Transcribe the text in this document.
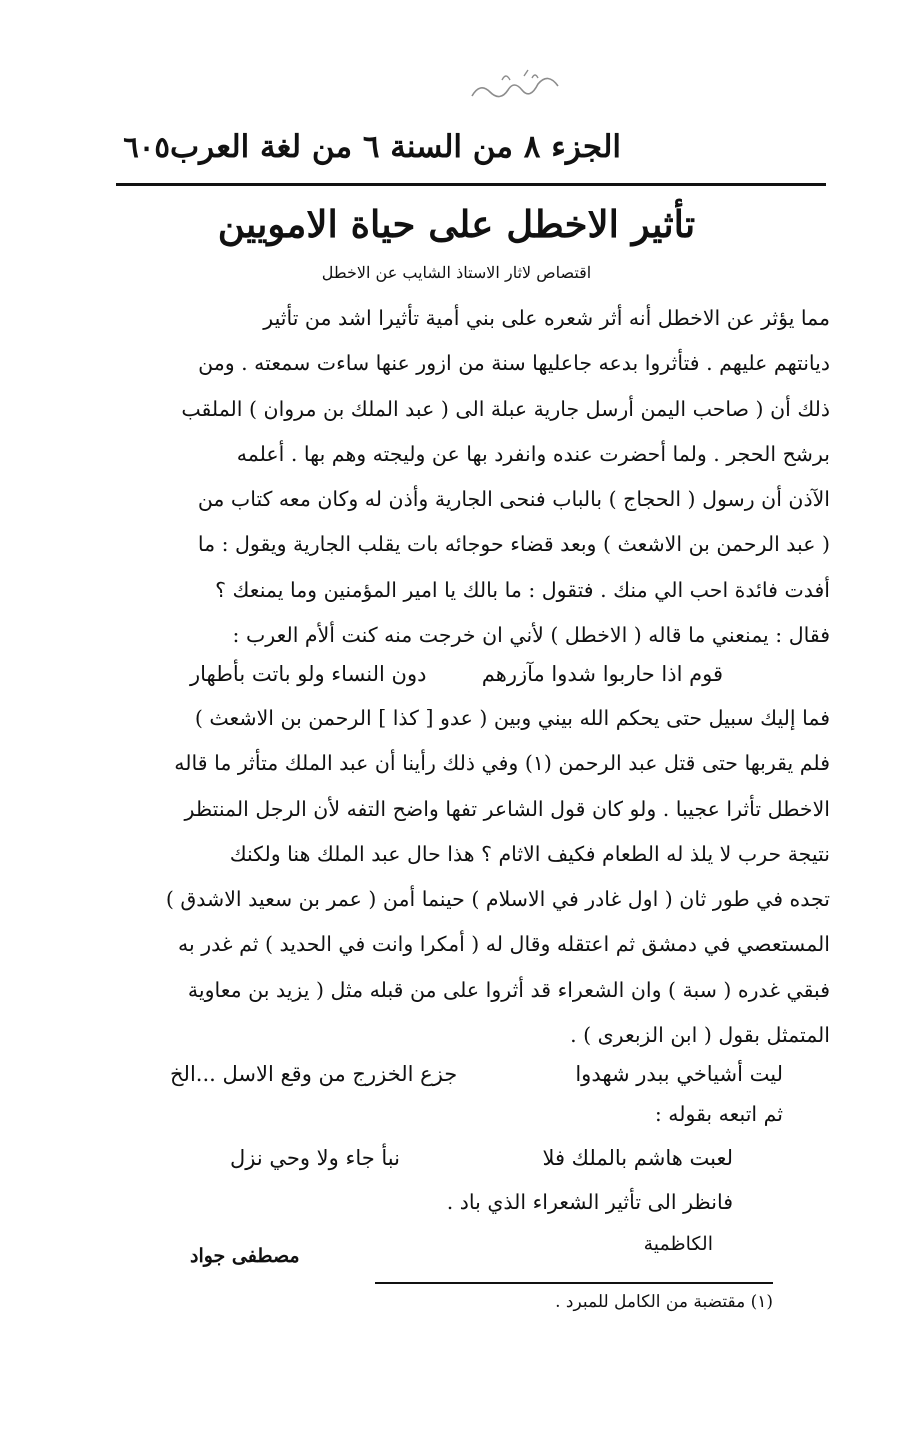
الجزء ٨ من السنة ٦ من لغة العرب
٦٠٥
تأثير الاخطل على حياة الامويين
اقتصاص لاثار الاستاذ الشايب عن الاخطل
مما يؤثر عن الاخطل أنه أثر شعره على بني أمية تأثيرا اشد من تأثير
ديانتهم عليهم . فتأثروا بدعه جاعليها سنة من ازور عنها ساءت سمعته . ومن
ذلك أن ( صاحب اليمن أرسل جارية عبلة الى ( عبد الملك بن مروان ) الملقب
برشح الحجر . ولما أحضرت عنده وانفرد بها عن وليجته وهم بها . أعلمه
الآذن أن رسول ( الحجاج ) بالباب فنحى الجارية وأذن له وكان معه كتاب من
( عبد الرحمن بن الاشعث ) وبعد قضاء حوجائه بات يقلب الجارية ويقول : ما
أفدت فائدة احب الي منك . فتقول : ما بالك يا امير المؤمنين وما يمنعك ؟
فقال : يمنعني ما قاله ( الاخطل ) لأني ان خرجت منه كنت ألأم العرب :
قوم اذا حاربوا شدوا مآزرهم
دون النساء ولو باتت بأطهار
فما إليك سبيل حتى يحكم الله بيني وبين ( عدو [ كذا ] الرحمن بن الاشعث )
فلم يقربها حتى قتل عبد الرحمن (١) وفي ذلك رأينا أن عبد الملك متأثر ما قاله
الاخطل تأثرا عجيبا . ولو كان قول الشاعر تفها واضح التفه لأن الرجل المنتظر
نتيجة حرب لا يلذ له الطعام فكيف الاثام ؟ هذا حال عبد الملك هنا ولكنك
تجده في طور ثان ( اول غادر في الاسلام ) حينما أمن ( عمر بن سعيد الاشدق )
المستعصي في دمشق ثم اعتقله وقال له ( أمكرا وانت في الحديد ) ثم غدر به
فبقي غدره ( سبة ) وان الشعراء قد أثروا على من قبله مثل ( يزيد بن معاوية
المتمثل بقول ( ابن الزبعرى ) .
ليت أشياخي ببدر شهدوا
جزع الخزرج من وقع الاسل ...الخ
ثم اتبعه بقوله :
لعبت هاشم بالملك فلا
نبأ جاء ولا وحي نزل
فانظر الى تأثير الشعراء الذي باد .
الكاظمية
مصطفى جواد
(١) مقتضبة من الكامل للمبرد .
